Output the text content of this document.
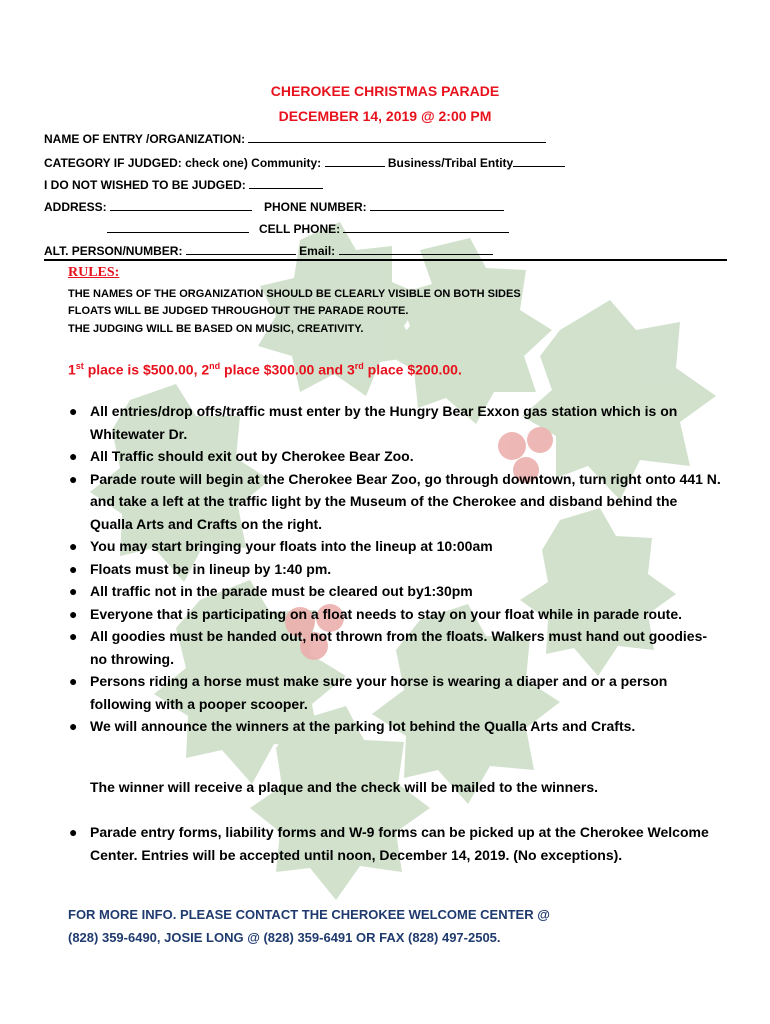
CHEROKEE CHRISTMAS PARADE
DECEMBER 14, 2019 @ 2:00 PM
NAME OF ENTRY /ORGANIZATION:
CATEGORY IF JUDGED: check one) Community:	Business/Tribal Entity
I DO NOT WISHED TO BE JUDGED:
ADDRESS:	PHONE NUMBER:
CELL PHONE:
ALT. PERSON/NUMBER:	Email:
RULES:
THE NAMES OF THE ORGANIZATION SHOULD BE CLEARLY VISIBLE ON BOTH SIDES
FLOATS WILL BE JUDGED THROUGHOUT THE PARADE ROUTE.
THE JUDGING WILL BE BASED ON MUSIC, CREATIVITY.
1st place is $500.00, 2nd place $300.00 and 3rd place $200.00.
● All entries/drop offs/traffic must enter by the Hungry Bear Exxon gas station which is on Whitewater Dr.
● All Traffic should exit out by Cherokee Bear Zoo.
● Parade route will begin at the Cherokee Bear Zoo, go through downtown, turn right onto 441 N. and take a left at the traffic light by the Museum of the Cherokee and disband behind the Qualla Arts and Crafts on the right.
● You may start bringing your floats into the lineup at 10:00am
● Floats must be in lineup by 1:40 pm.
● All traffic not in the parade must be cleared out by1:30pm
● Everyone that is participating on a float needs to stay on your float while in parade route.
● All goodies must be handed out, not thrown from the floats. Walkers must hand out goodies-no throwing.
● Persons riding a horse must make sure your horse is wearing a diaper and or a person following with a pooper scooper.
● We will announce the winners at the parking lot behind the Qualla Arts and Crafts.
The winner will receive a plaque and the check will be mailed to the winners.
● Parade entry forms, liability forms and W-9 forms can be picked up at the Cherokee Welcome Center. Entries will be accepted until noon, December 14, 2019. (No exceptions).
FOR MORE INFO. PLEASE CONTACT THE CHEROKEE WELCOME CENTER @
(828) 359-6490, JOSIE LONG @ (828) 359-6491 OR FAX (828) 497-2505.
